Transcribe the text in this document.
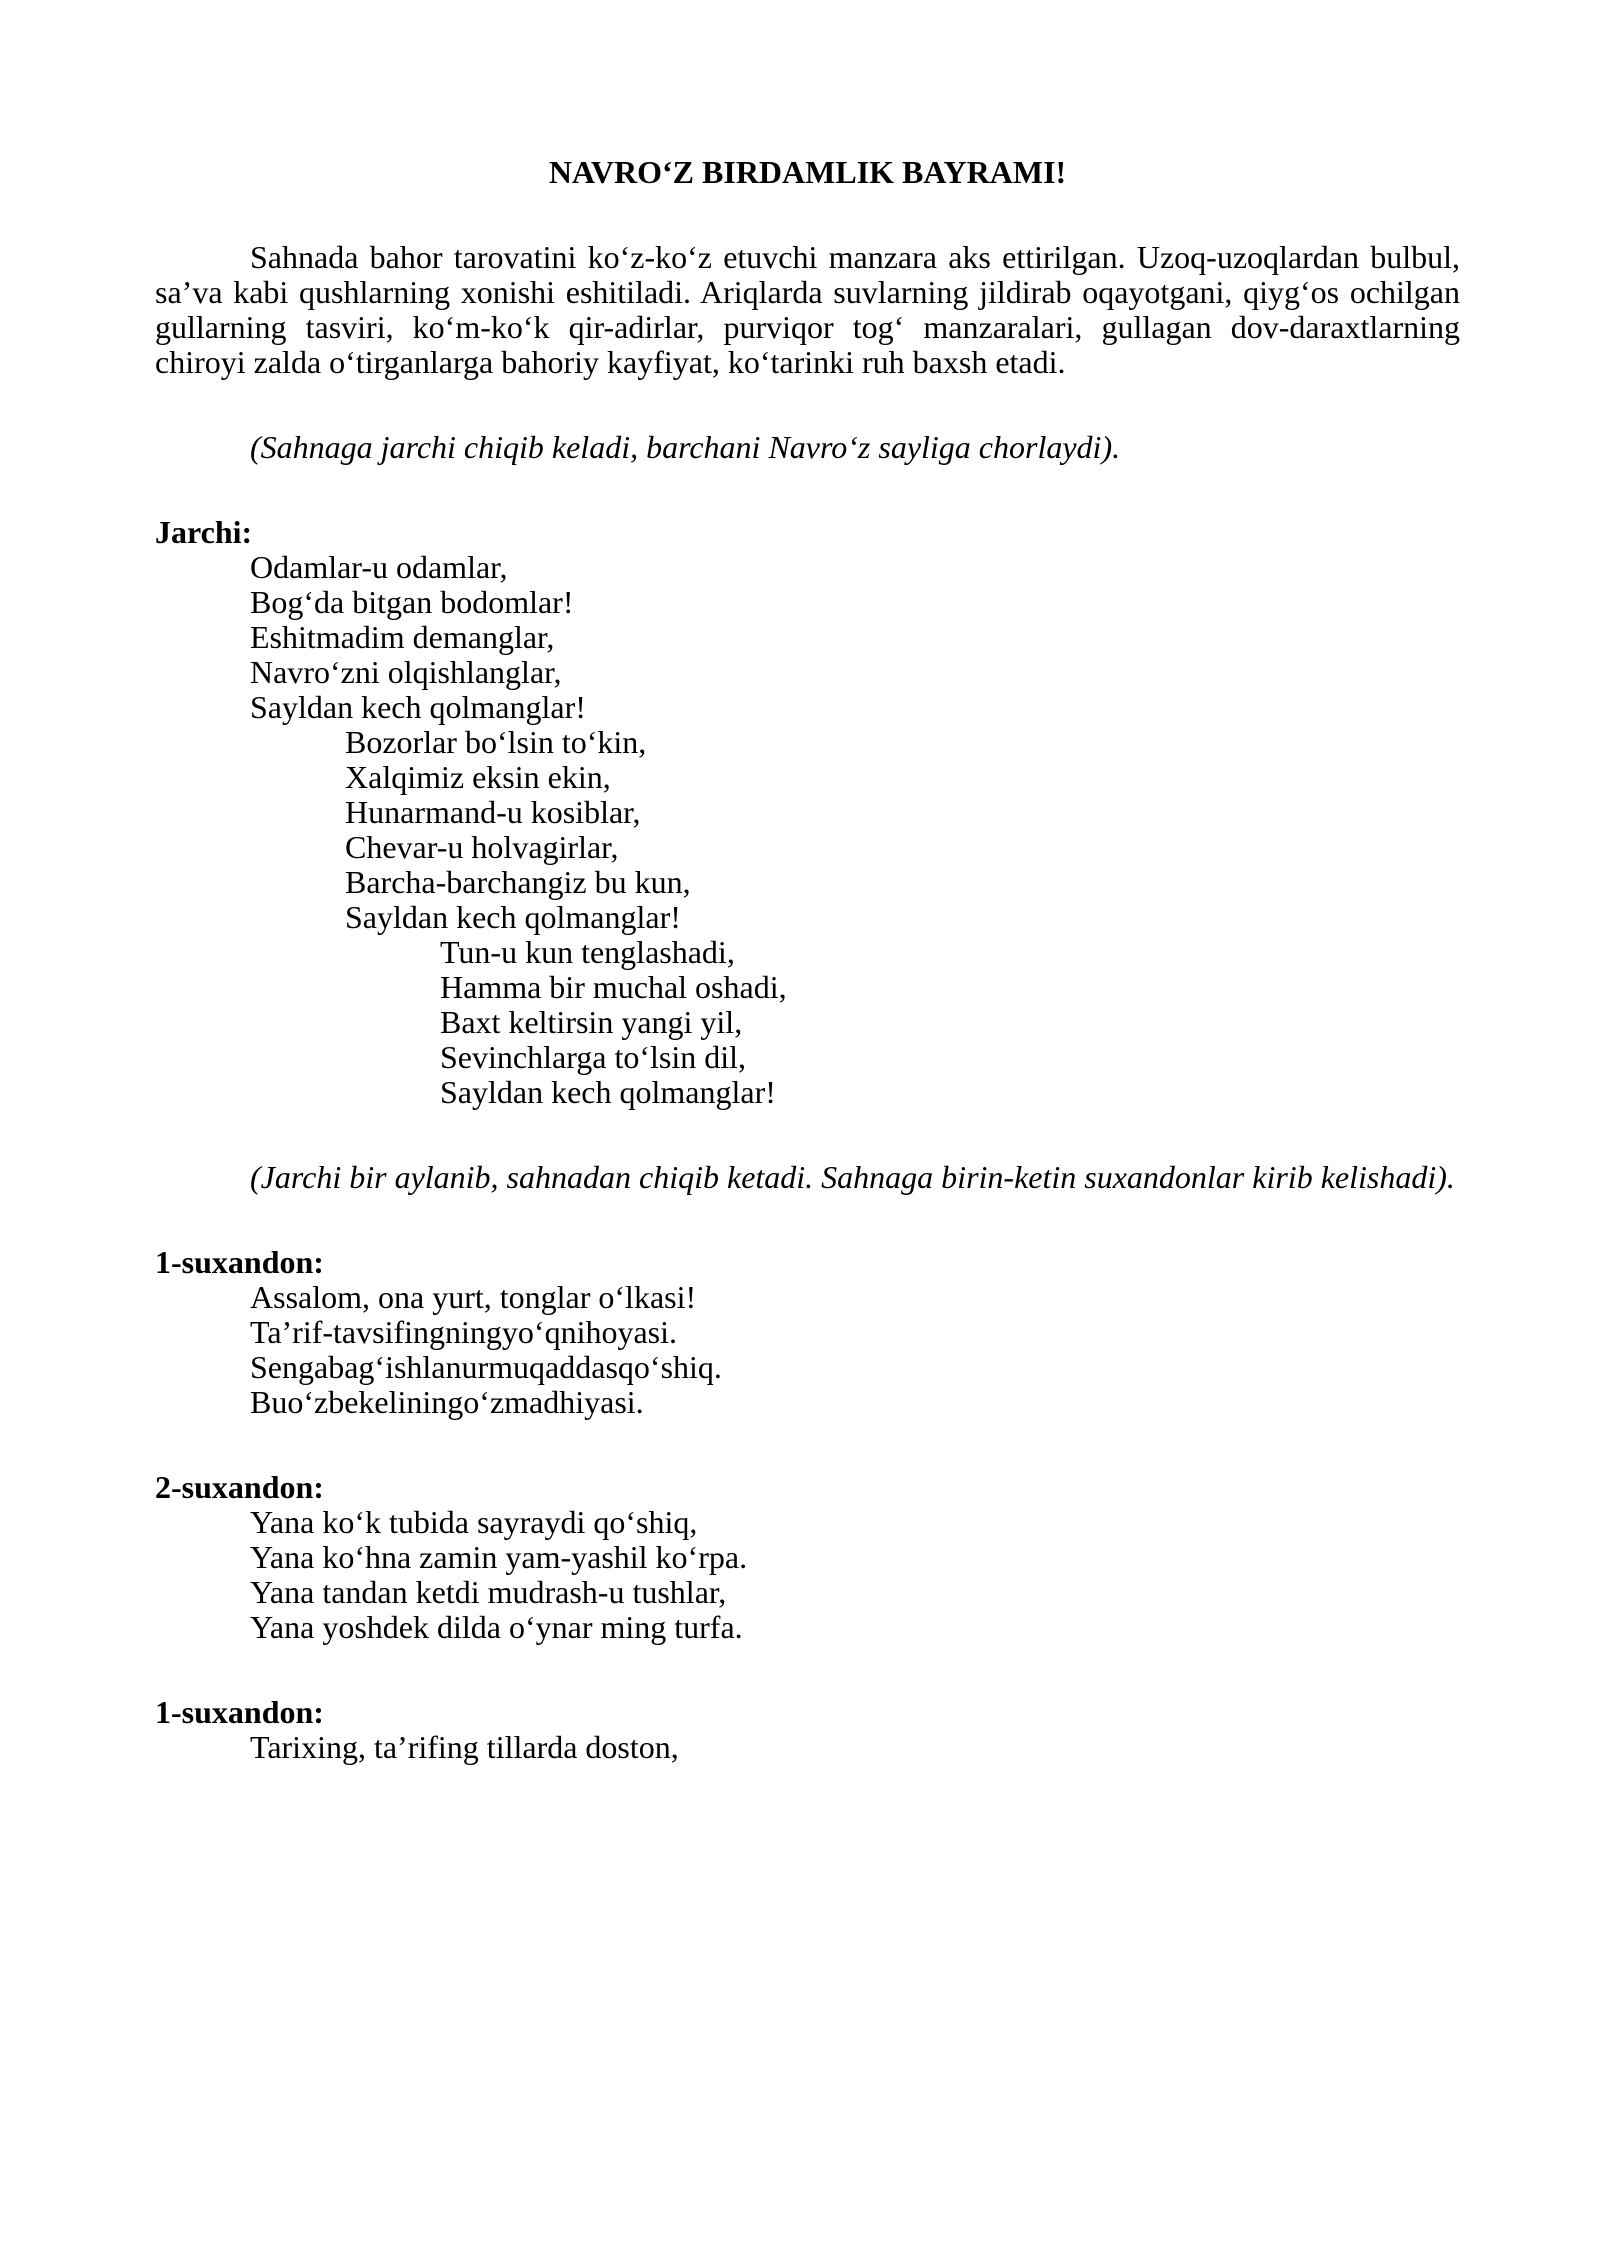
NAVRO‘Z BIRDAMLIK BAYRAMI!

Sahnada bahor tarovatini ko‘z-ko‘z etuvchi manzara aks ettirilgan. Uzoq-uzoqlardan bulbul, sa’va kabi qushlarning xonishi eshitiladi. Ariqlarda suvlarning jildirab oqayotgani, qiyg‘os ochilgan gullarning tasviri, ko‘m-ko‘k qir-adirlar, purviqor tog‘ manzaralari, gullagan dov-daraxtlarning chiroyi zalda o‘tirganlarga bahoriy kayfiyat, ko‘tarinki ruh baxsh etadi.

(Sahnaga jarchi chiqib keladi, barchani Navro‘z sayliga chorlaydi).

Jarchi:

Odamlar-u odamlar,

Bog‘da bitgan bodomlar!

Eshitmadim demanglar,

Navro‘zni olqishlanglar,

Sayldan kech qolmanglar!

Bozorlar bo‘lsin to‘kin,

Xalqimiz eksin ekin,

Hunarmand-u kosiblar,

Chevar-u holvagirlar,

Barcha-barchangiz bu kun,

Sayldan kech qolmanglar!

Tun-u kun tenglashadi,

Hamma bir muchal oshadi,

Baxt keltirsin yangi yil,

Sevinchlarga to‘lsin dil,

Sayldan kech qolmanglar!

(Jarchi bir aylanib, sahnadan chiqib ketadi. Sahnaga birin-ketin suxandonlar kirib kelishadi).

1-suxandon:

Assalom, ona yurt, tonglar o‘lkasi!

Ta’rif-tavsifingningyo‘qnihoyasi.

Sengabag‘ishlanurmuqaddasqo‘shiq.

Buo‘zbekeliningo‘zmadhiyasi.

2-suxandon:

Yana ko‘k tubida sayraydi qo‘shiq,

Yana ko‘hna zamin yam-yashil ko‘rpa.

Yana tandan ketdi mudrash-u tushlar,

Yana yoshdek dilda o‘ynar ming turfa.

1-suxandon:

Tarixing, ta’rifing tillarda doston,
